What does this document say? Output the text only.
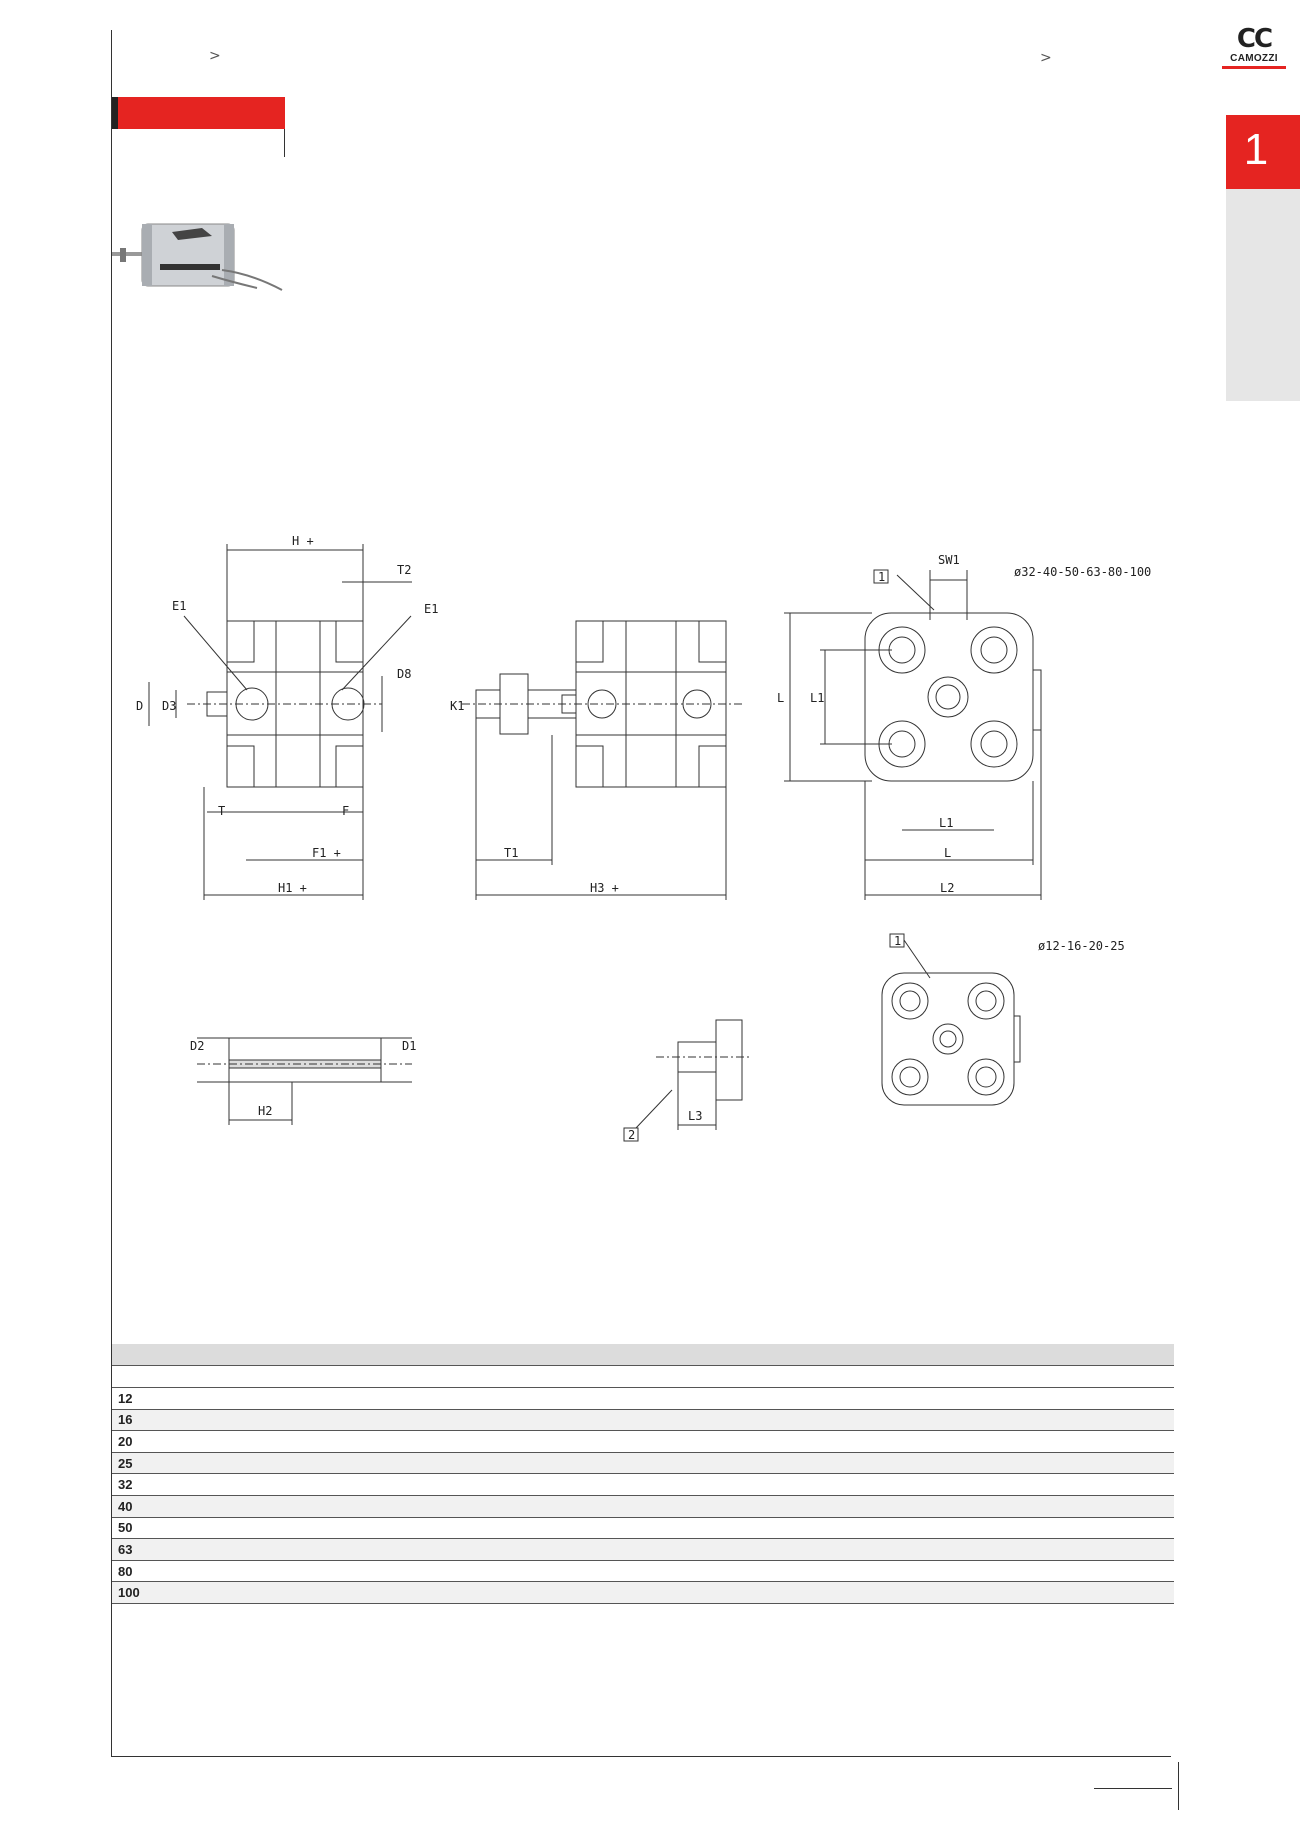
>	>
CC
CAMOZZI
1
H +
T2
E1	E1
D8
D D3
T	F
F1 +
H1 +
K1
T1
H3 +
SW1
1
L L1
L1
L
L2
ø32-40-50-63-80-100
D2	D1
H2
2
L3
1	ø12-16-20-25

12
16
20
25
32
40
50
63
80
100
